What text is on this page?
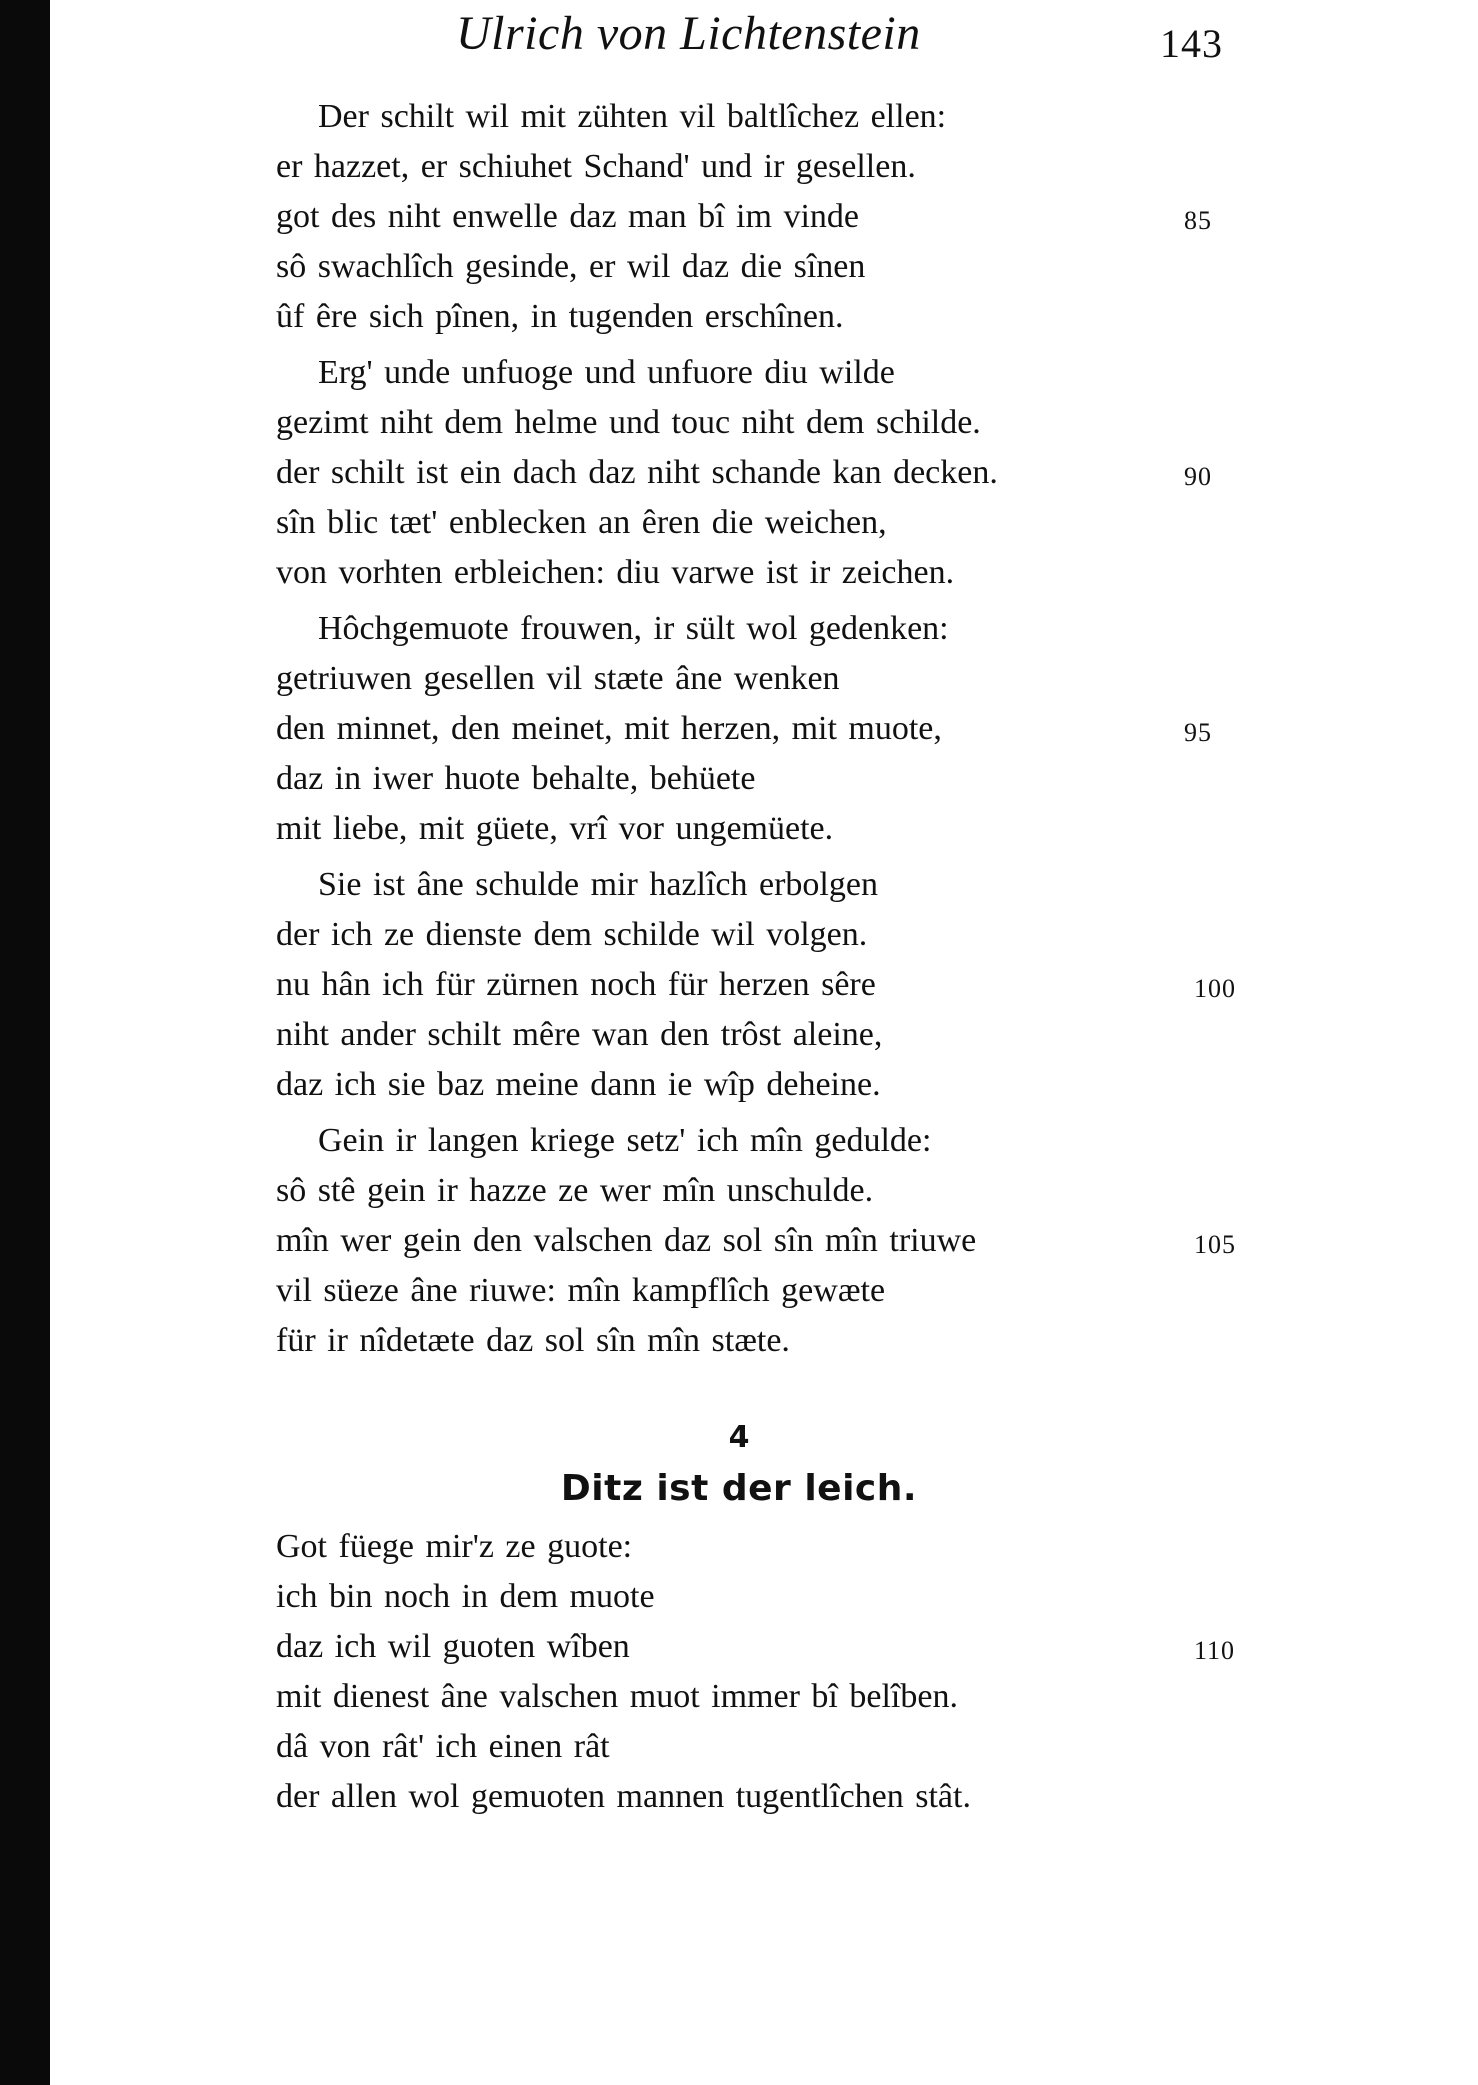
Ulrich von Lichtenstein	143
Der schilt wil mit zühten vil baltlîchez ellen:
er hazzet, er schiuhet Schand' und ir gesellen.
got des niht enwelle daz man bî im vinde	85
sô swachlîch gesinde, er wil daz die sînen
ûf êre sich pînen, in tugenden erschînen.
Erg' unde unfuoge und unfuore diu wilde
gezimt niht dem helme und touc niht dem schilde.
der schilt ist ein dach daz niht schande kan decken.	90
sîn blic tæt' enblecken an êren die weichen,
von vorhten erbleichen: diu varwe ist ir zeichen.
Hôchgemuote frouwen, ir sült wol gedenken:
getriuwen gesellen vil stæte âne wenken
den minnet, den meinet, mit herzen, mit muote,	95
daz in iwer huote behalte, behüete
mit liebe, mit güete, vrî vor ungemüete.
Sie ist âne schulde mir hazlîch erbolgen
der ich ze dienste dem schilde wil volgen.
nu hân ich für zürnen noch für herzen sêre	100
niht ander schilt mêre wan den trôst aleine,
daz ich sie baz meine dann ie wîp deheine.
Gein ir langen kriege setz' ich mîn gedulde:
sô stê gein ir hazze ze wer mîn unschulde.
mîn wer gein den valschen daz sol sîn mîn triuwe	105
vil süeze âne riuwe: mîn kampflîch gewæte
für ir nîdetæte daz sol sîn mîn stæte.
4
Ditz ist der leich.
Got füege mir'z ze guote:
ich bin noch in dem muote
daz ich wil guoten wîben	110
mit dienest âne valschen muot immer bî belîben.
dâ von rât' ich einen rât
der allen wol gemuoten mannen tugentlîchen stât.
